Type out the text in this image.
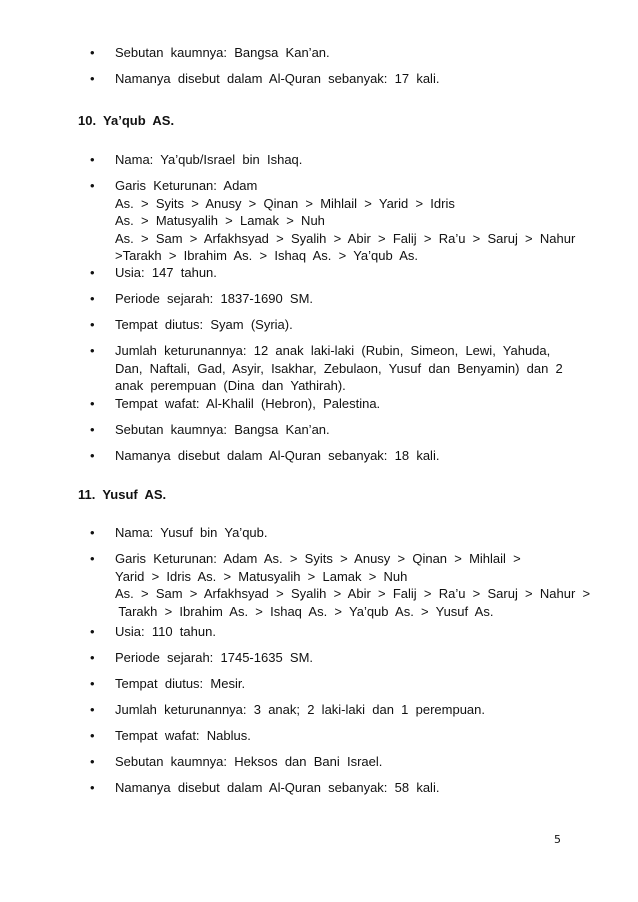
•	Sebutan  kaumnya:  Bangsa  Kan’an.
•	Namanya  disebut  dalam  Al-Quran  sebanyak:  17  kali.
10.  Ya’qub  AS.
•	Nama:  Ya’qub/Israel  bin  Ishaq.
•	Garis  Keturunan:  Adam
As.  >  Syits  >  Anusy  >  Qinan  >  Mihlail  >  Yarid  >  Idris
As.  >  Matusyalih  >  Lamak  >  Nuh
As.  >  Sam  >  Arfakhsyad  >  Syalih  >  Abir  >  Falij  >  Ra’u  >  Saruj  >  Nahur
>Tarakh  >  Ibrahim  As.  >  Ishaq  As.  >  Ya’qub  As.
•	Usia:  147  tahun.
•	Periode  sejarah:  1837-1690  SM.
•	Tempat  diutus:  Syam  (Syria).
•	Jumlah  keturunannya:  12  anak  laki-laki  (Rubin,  Simeon,  Lewi,  Yahuda,
Dan,  Naftali,  Gad,  Asyir,  Isakhar,  Zebulaon,  Yusuf  dan  Benyamin)  dan  2
anak  perempuan  (Dina  dan  Yathirah).
•	Tempat  wafat:  Al-Khalil  (Hebron),  Palestina.
•	Sebutan  kaumnya:  Bangsa  Kan’an.
•	Namanya  disebut  dalam  Al-Quran  sebanyak:  18  kali.
11.  Yusuf  AS.
•	Nama:  Yusuf  bin  Ya’qub.
•	Garis  Keturunan:  Adam  As.  >  Syits  >  Anusy  >  Qinan  >  Mihlail  >
Yarid  >  Idris  As.  >  Matusyalih  >  Lamak  >  Nuh
As.  >  Sam  >  Arfakhsyad  >  Syalih  >  Abir  >  Falij  >  Ra’u  >  Saruj  >  Nahur  >
Tarakh  >  Ibrahim  As.  >  Ishaq  As.  >  Ya’qub  As.  >  Yusuf  As.
•	Usia:  110  tahun.
•	Periode  sejarah:  1745-1635  SM.
•	Tempat  diutus:  Mesir.
•	Jumlah  keturunannya:  3  anak;  2  laki-laki  dan  1  perempuan.
•	Tempat  wafat:  Nablus.
•	Sebutan  kaumnya:  Heksos  dan  Bani  Israel.
•	Namanya  disebut  dalam  Al-Quran  sebanyak:  58  kali.
5
